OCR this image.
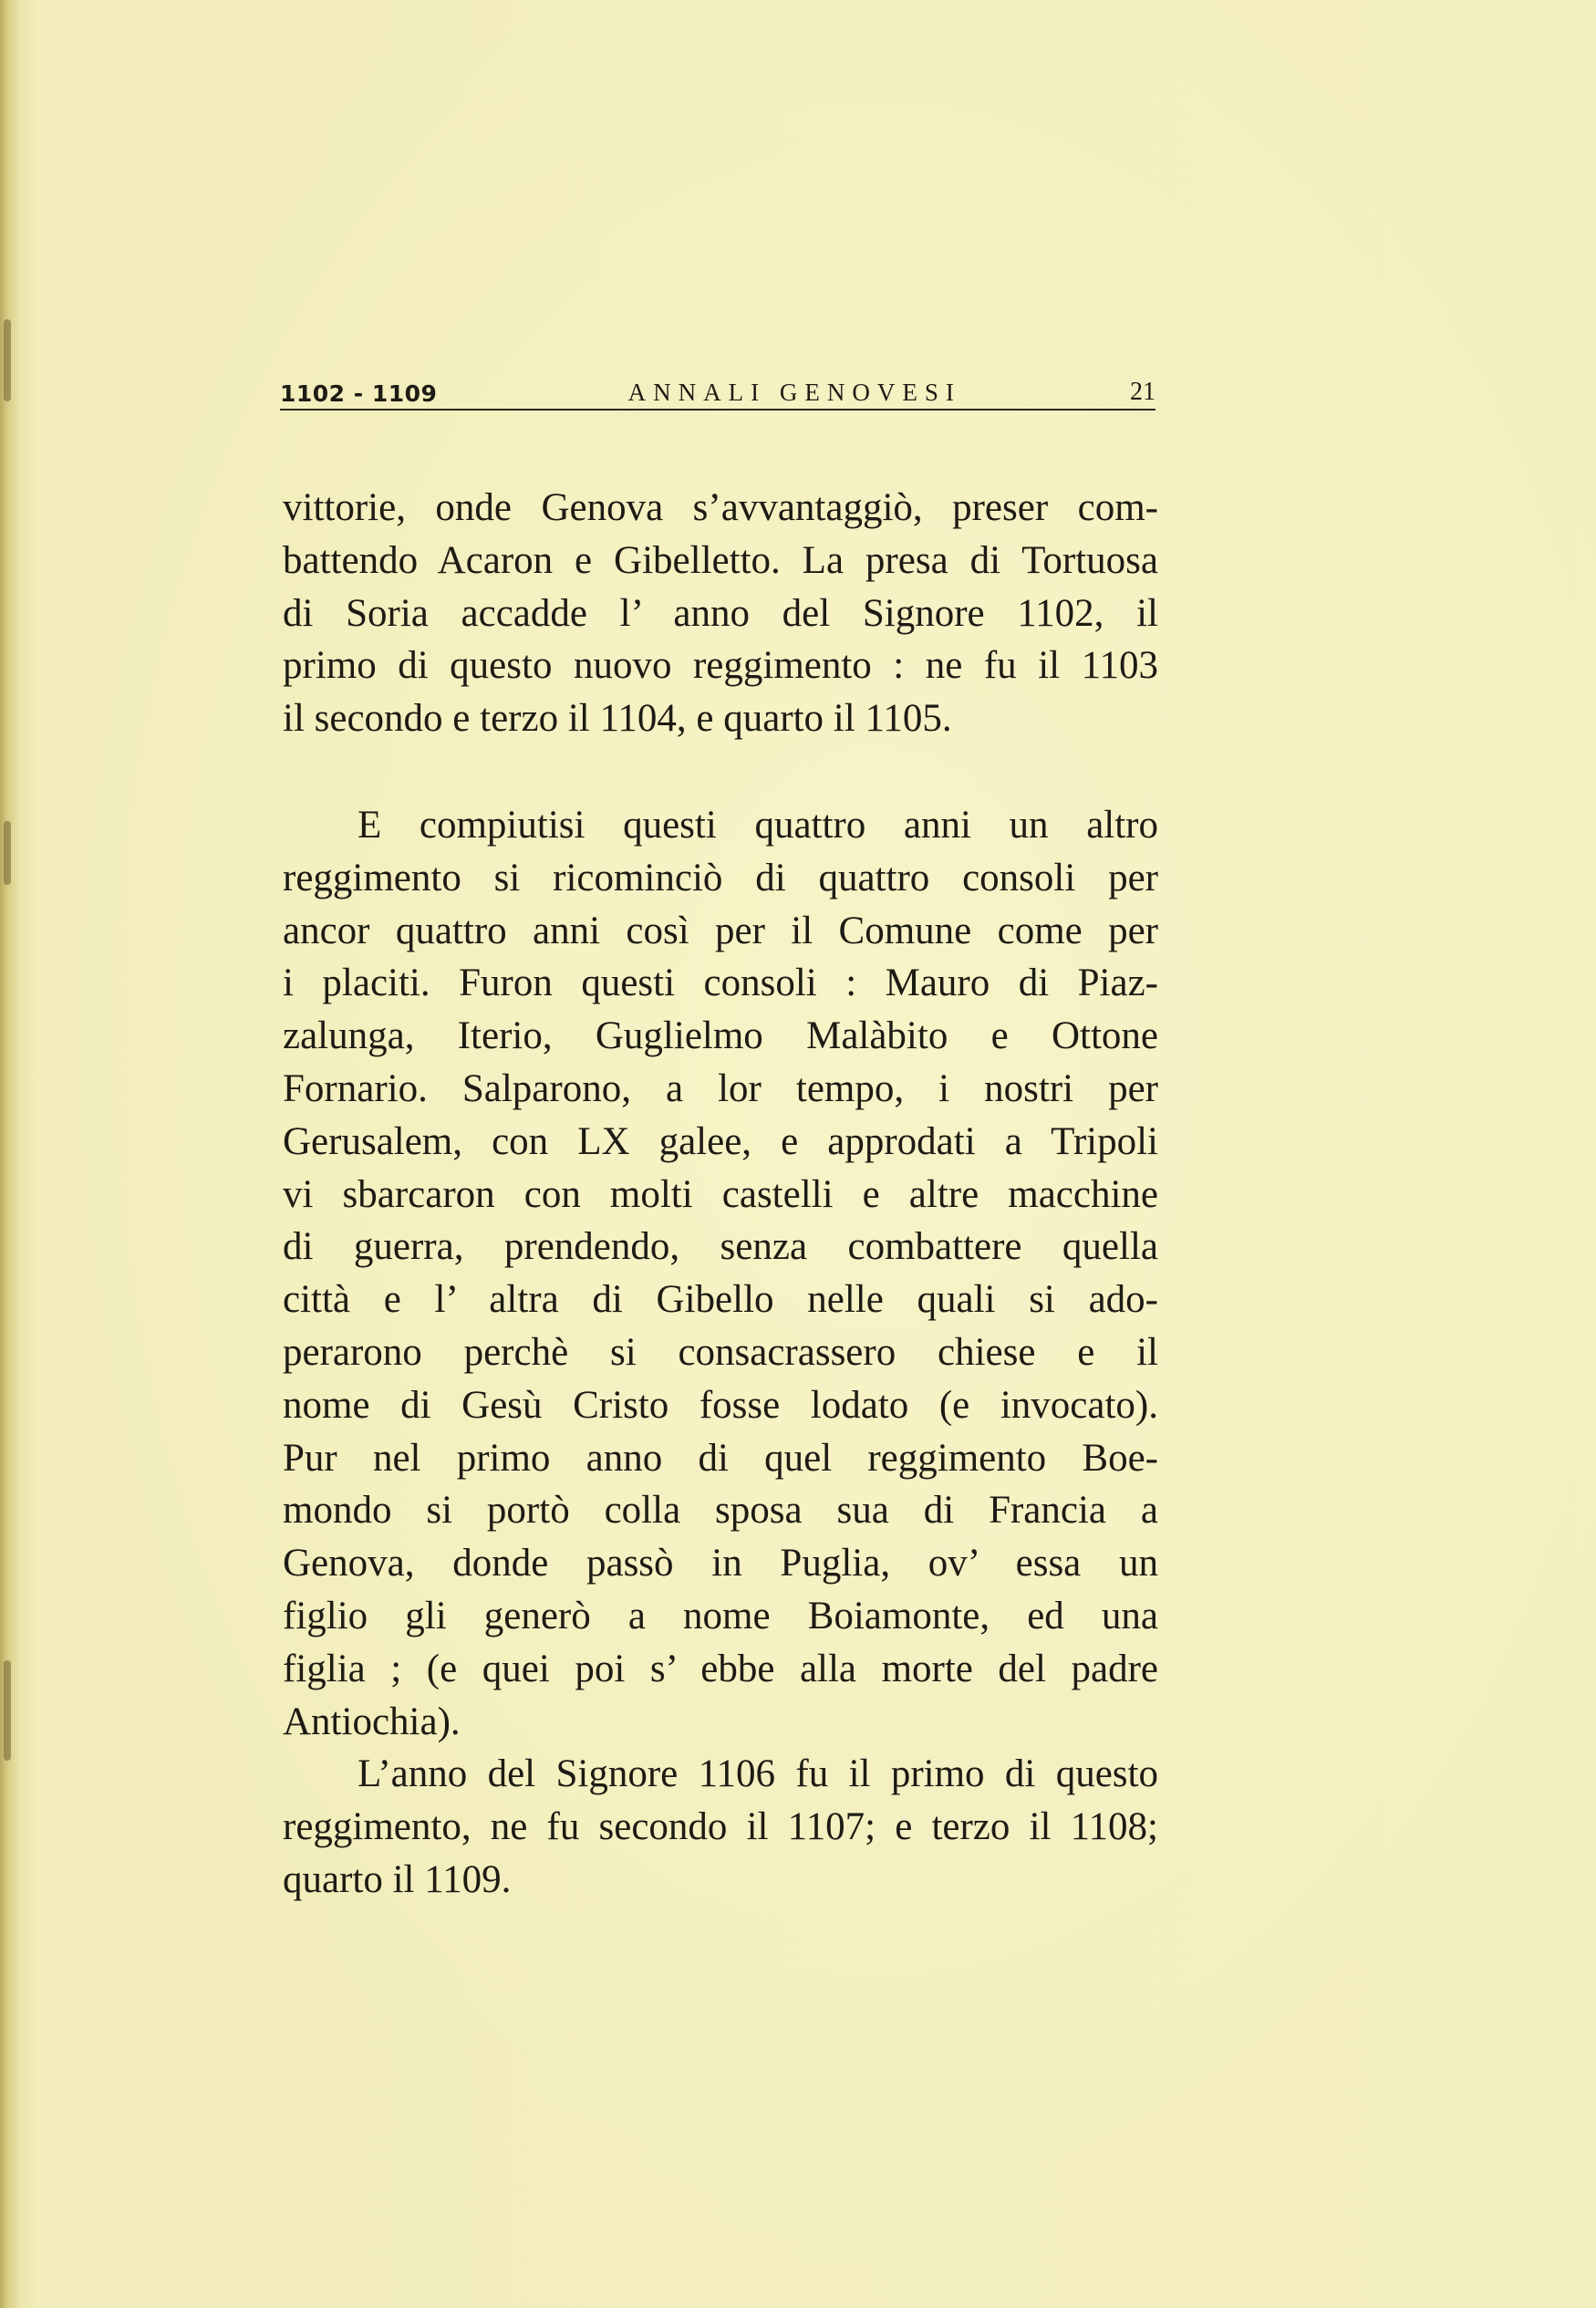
1102 - 1109	ANNALI GENOVESI	21
vittorie, onde Genova s’avvantaggiò, preser com-
battendo Acaron e Gibelletto. La presa di Tortuosa
di Soria accadde l’ anno del Signore 1102, il
primo di questo nuovo reggimento : ne fu il 1103
il secondo e terzo il 1104, e quarto il 1105.
E compiutisi questi quattro anni un altro
reggimento si ricominciò di quattro consoli per
ancor quattro anni così per il Comune come per
i placiti. Furon questi consoli : Mauro di Piaz-
zalunga, Iterio, Guglielmo Malàbito e Ottone
Fornario. Salparono, a lor tempo, i nostri per
Gerusalem, con LX galee, e approdati a Tripoli
vi sbarcaron con molti castelli e altre macchine
di guerra, prendendo, senza combattere quella
città e l’ altra di Gibello nelle quali si ado-
perarono perchè si consacrassero chiese e il
nome di Gesù Cristo fosse lodato (e invocato).
Pur nel primo anno di quel reggimento Boe-
mondo si portò colla sposa sua di Francia a
Genova, donde passò in Puglia, ov’ essa un
figlio gli generò a nome Boiamonte, ed una
figlia ; (e quei poi s’ ebbe alla morte del padre
Antiochia).
L’anno del Signore 1106 fu il primo di questo
reggimento, ne fu secondo il 1107; e terzo il 1108;
quarto il 1109.
